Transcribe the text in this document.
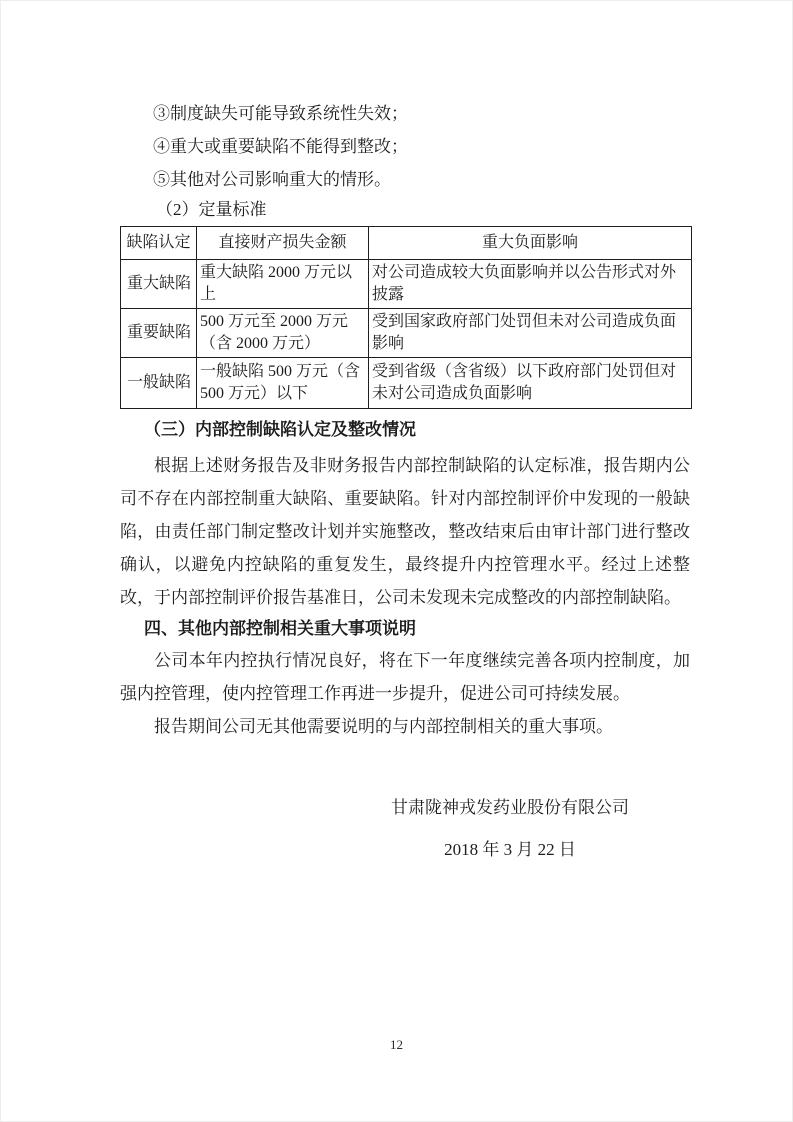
③制度缺失可能导致系统性失效；
④重大或重要缺陷不能得到整改；
⑤其他对公司影响重大的情形。

（2）定量标准

缺陷认定	直接财产损失金额	重大负面影响
重大缺陷	重大缺陷 2000 万元以上	对公司造成较大负面影响并以公告形式对外披露
重要缺陷	500 万元至 2000 万元（含 2000 万元）	受到国家政府部门处罚但未对公司造成负面影响
一般缺陷	一般缺陷 500 万元（含 500 万元）以下	受到省级（含省级）以下政府部门处罚但对未对公司造成负面影响
（三）内部控制缺陷认定及整改情况

根据上述财务报告及非财务报告内部控制缺陷的认定标准，报告期内公司不存在内部控制重大缺陷、重要缺陷。针对内部控制评价中发现的一般缺陷，由责任部门制定整改计划并实施整改，整改结束后由审计部门进行整改确认，以避免内控缺陷的重复发生，最终提升内控管理水平。经过上述整改，于内部控制评价报告基准日，公司未发现未完成整改的内部控制缺陷。

四、其他内部控制相关重大事项说明

公司本年内控执行情况良好，将在下一年度继续完善各项内控制度，加强内控管理，使内控管理工作再进一步提升，促进公司可持续发展。

报告期间公司无其他需要说明的与内部控制相关的重大事项。

甘肃陇神戎发药业股份有限公司

2018 年 3 月 22 日

12
